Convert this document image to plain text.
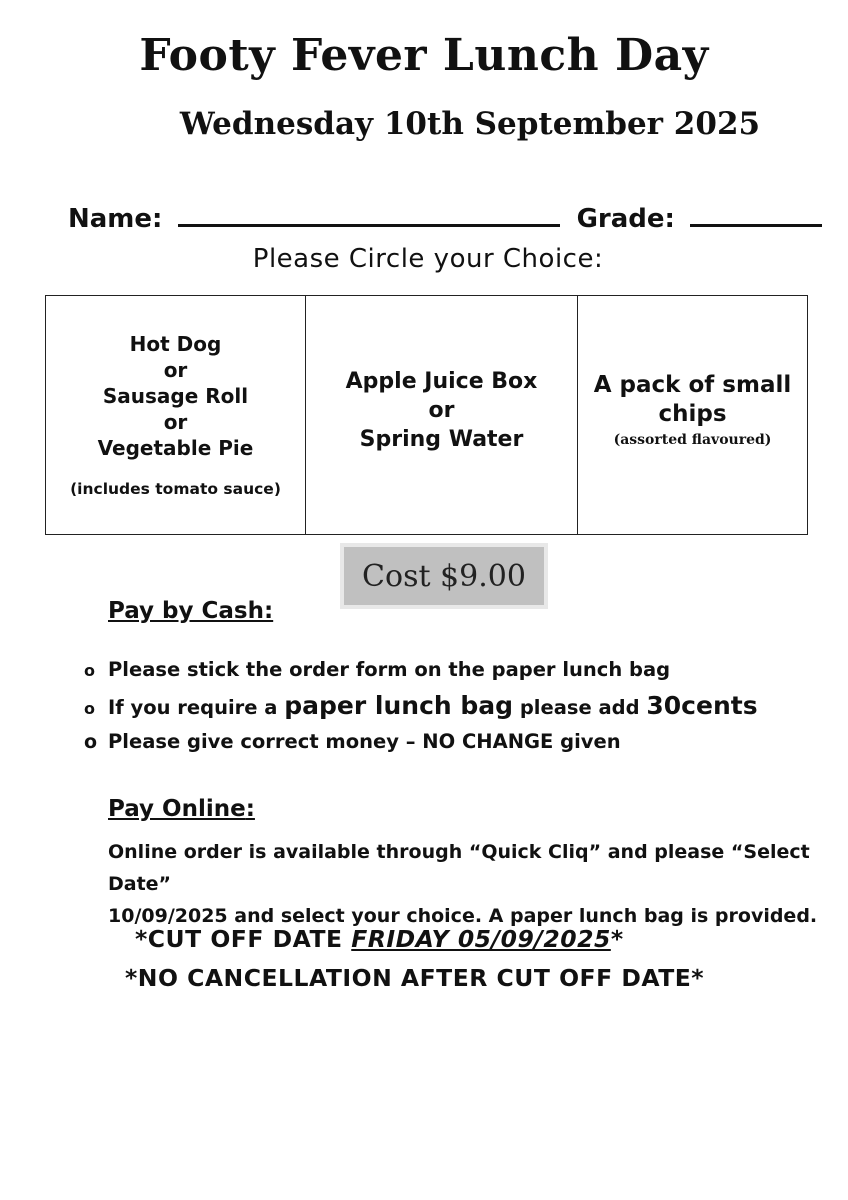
Footy Fever Lunch Day
Wednesday 10th September 2025
Name:	Grade:
Please Circle your Choice:
Hot Dog
or
Sausage Roll
or
Vegetable Pie
(includes tomato sauce)
Apple Juice Box
or
Spring Water
A pack of small
chips
(assorted flavoured)
Cost $9.00
Pay by Cash:
o Please stick the order form on the paper lunch bag
o If you require a paper lunch bag please add 30cents
o Please give correct money – NO CHANGE given
Pay Online:
Online order is available through “Quick Cliq” and please “Select Date”
10/09/2025 and select your choice. A paper lunch bag is provided.
*CUT OFF DATE FRIDAY 05/09/2025*
*NO CANCELLATION AFTER CUT OFF DATE*
